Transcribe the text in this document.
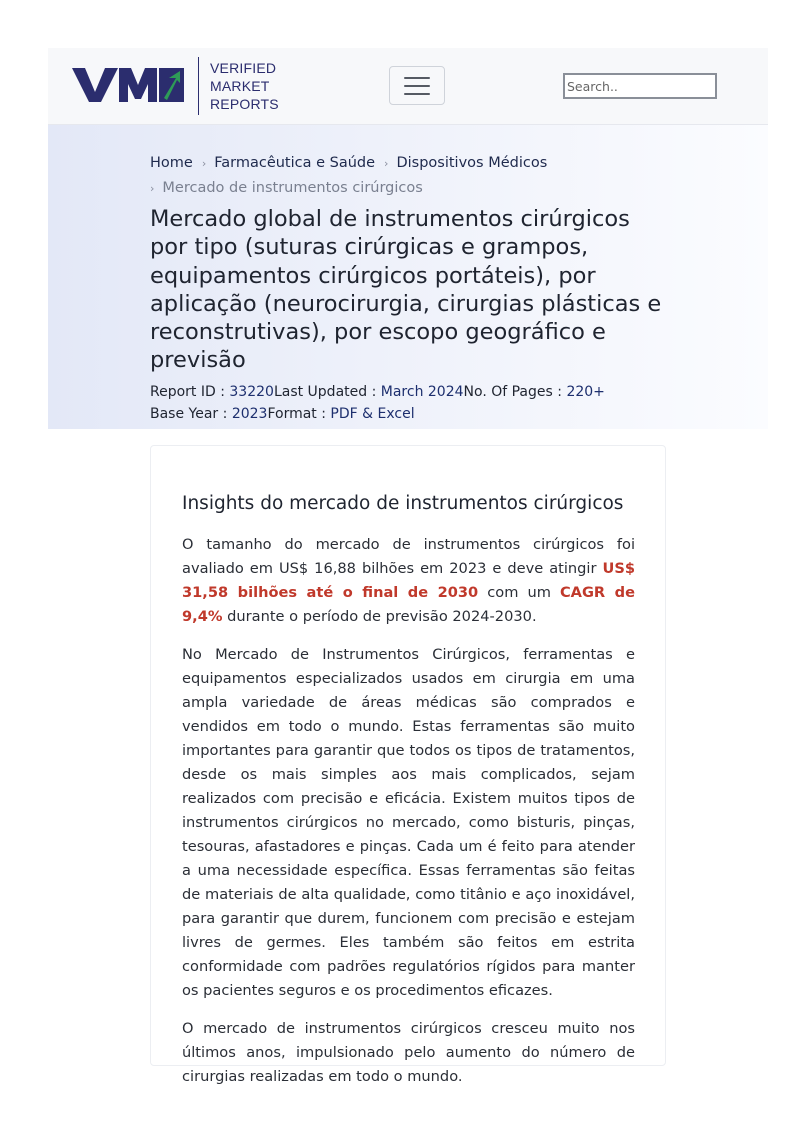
VERIFIED
MARKET
REPORTS
Search..
Home › Farmacêutica e Saúde › Dispositivos Médicos
› Mercado de instrumentos cirúrgicos
Mercado global de instrumentos cirúrgicos por tipo (suturas cirúrgicas e grampos, equipamentos cirúrgicos portáteis), por aplicação (neurocirurgia, cirurgias plásticas e reconstrutivas), por escopo geográfico e previsão
Report ID : 33220Last Updated : March 2024No. Of Pages : 220+
Base Year : 2023Format : PDF & Excel
Insights do mercado de instrumentos cirúrgicos

O tamanho do mercado de instrumentos cirúrgicos foi avaliado em US$ 16,88 bilhões em 2023 e deve atingir US$ 31,58 bilhões até o final de 2030 com um CAGR de 9,4% durante o período de previsão 2024-2030.

No Mercado de Instrumentos Cirúrgicos, ferramentas e equipamentos especializados usados em cirurgia em uma ampla variedade de áreas médicas são comprados e vendidos em todo o mundo. Estas ferramentas são muito importantes para garantir que todos os tipos de tratamentos, desde os mais simples aos mais complicados, sejam realizados com precisão e eficácia. Existem muitos tipos de instrumentos cirúrgicos no mercado, como bisturis, pinças, tesouras, afastadores e pinças. Cada um é feito para atender a uma necessidade específica. Essas ferramentas são feitas de materiais de alta qualidade, como titânio e aço inoxidável, para garantir que durem, funcionem com precisão e estejam livres de germes. Eles também são feitos em estrita conformidade com padrões regulatórios rígidos para manter os pacientes seguros e os procedimentos eficazes.

O mercado de instrumentos cirúrgicos cresceu muito nos últimos anos, impulsionado pelo aumento do número de cirurgias realizadas em todo o mundo.
